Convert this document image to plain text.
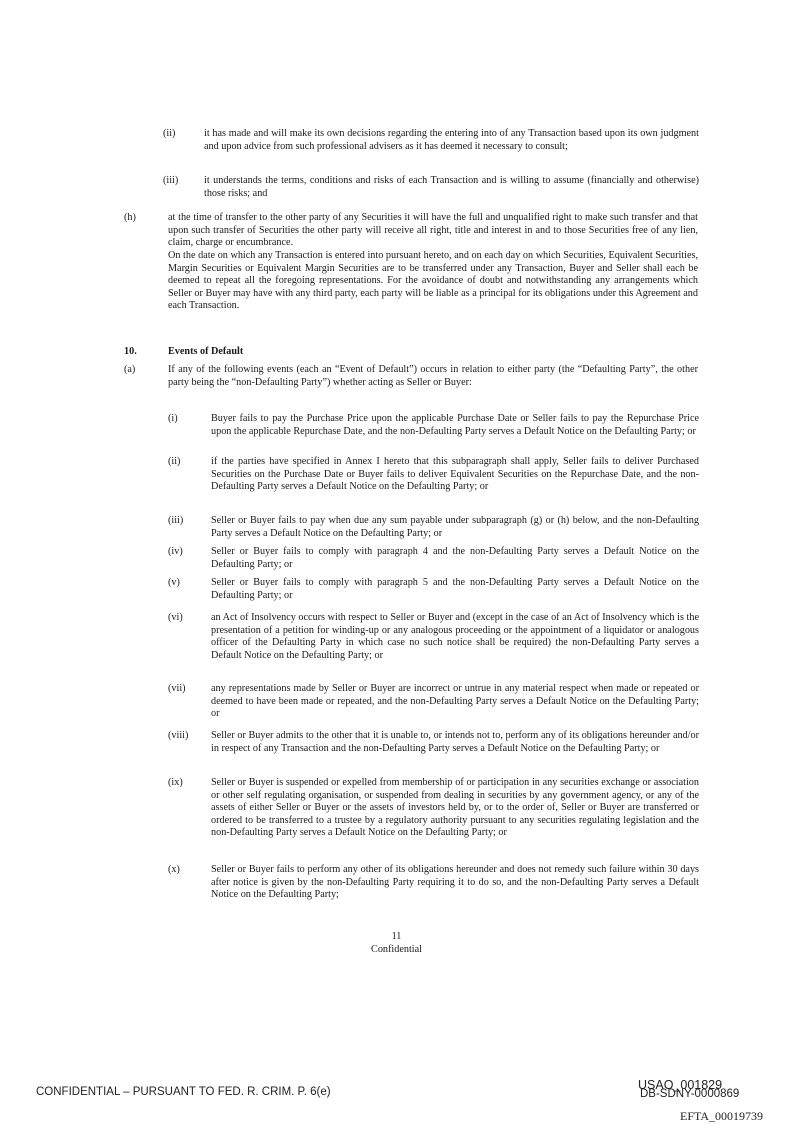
(ii)	it has made and will make its own decisions regarding the entering into of any Transaction based upon its own judgment and upon advice from such professional advisers as it has deemed it necessary to consult;
(iii)	it understands the terms, conditions and risks of each Transaction and is willing to assume (financially and otherwise) those risks; and
(h)	at the time of transfer to the other party of any Securities it will have the full and unqualified right to make such transfer and that upon such transfer of Securities the other party will receive all right, title and interest in and to those Securities free of any lien, claim, charge or encumbrance.
On the date on which any Transaction is entered into pursuant hereto, and on each day on which Securities, Equivalent Securities, Margin Securities or Equivalent Margin Securities are to be transferred under any Transaction, Buyer and Seller shall each be deemed to repeat all the foregoing representations. For the avoidance of doubt and notwithstanding any arrangements which Seller or Buyer may have with any third party, each party will be liable as a principal for its obligations under this Agreement and each Transaction.
10.	Events of Default
(a)	If any of the following events (each an “Event of Default”) occurs in relation to either party (the “Defaulting Party”, the other party being the “non-Defaulting Party”) whether acting as Seller or Buyer:
(i)	Buyer fails to pay the Purchase Price upon the applicable Purchase Date or Seller fails to pay the Repurchase Price upon the applicable Repurchase Date, and the non-Defaulting Party serves a Default Notice on the Defaulting Party; or
(ii)	if the parties have specified in Annex I hereto that this subparagraph shall apply, Seller fails to deliver Purchased Securities on the Purchase Date or Buyer fails to deliver Equivalent Securities on the Repurchase Date, and the non-Defaulting Party serves a Default Notice on the Defaulting Party; or
(iii)	Seller or Buyer fails to pay when due any sum payable under subparagraph (g) or (h) below, and the non-Defaulting Party serves a Default Notice on the Defaulting Party; or
(iv)	Seller or Buyer fails to comply with paragraph 4 and the non-Defaulting Party serves a Default Notice on the Defaulting Party; or
(v)	Seller or Buyer fails to comply with paragraph 5 and the non-Defaulting Party serves a Default Notice on the Defaulting Party; or
(vi)	an Act of Insolvency occurs with respect to Seller or Buyer and (except in the case of an Act of Insolvency which is the presentation of a petition for winding-up or any analogous proceeding or the appointment of a liquidator or analogous officer of the Defaulting Party in which case no such notice shall be required) the non-Defaulting Party serves a Default Notice on the Defaulting Party; or
(vii) any representations made by Seller or Buyer are incorrect or untrue in any material respect when made or repeated or deemed to have been made or repeated, and the non-Defaulting Party serves a Default Notice on the Defaulting Party; or
(viii) Seller or Buyer admits to the other that it is unable to, or intends not to, perform any of its obligations hereunder and/or in respect of any Transaction and the non-Defaulting Party serves a Default Notice on the Defaulting Party; or
(ix)	Seller or Buyer is suspended or expelled from membership of or participation in any securities exchange or association or other self regulating organisation, or suspended from dealing in securities by any government agency, or any of the assets of either Seller or Buyer or the assets of investors held by, or to the order of, Seller or Buyer are transferred or ordered to be transferred to a trustee by a regulatory authority pursuant to any securities regulating legislation and the non-Defaulting Party serves a Default Notice on the Defaulting Party; or
(x)	Seller or Buyer fails to perform any other of its obligations hereunder and does not remedy such failure within 30 days after notice is given by the non-Defaulting Party requiring it to do so, and the non-Defaulting Party serves a Default Notice on the Defaulting Party;
11
Confidential
CONFIDENTIAL – PURSUANT TO FED. R. CRIM. P. 6(e)	USAO_001829
DB-SDNY-0000869
EFTA_00019739
